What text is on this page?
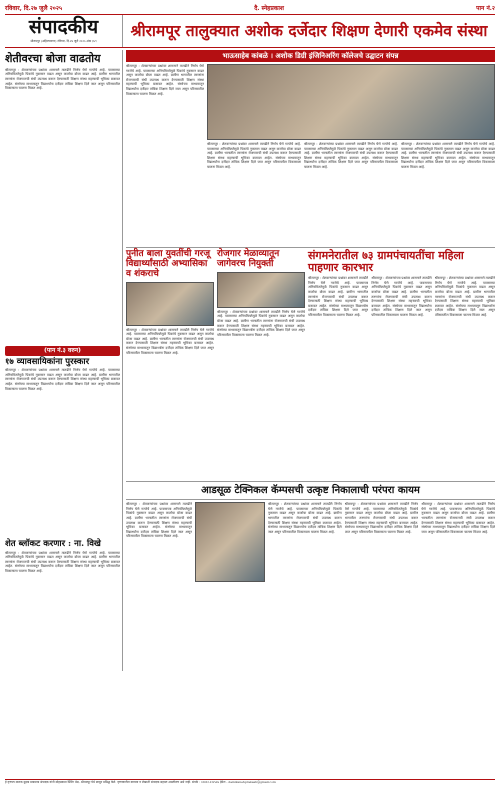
रविवार, दि.२७ जुलै २०२५	दै. स्नेहप्रकाश	पान नं.२
संपादकीय
श्रीरामपूर (अहिल्यानगर) रविवार, दि.२७ जुलै २०२५ अंक ३५९
श्रीरामपूर तालुक्यात अशोक दर्जेदार शिक्षण देणारी एकमेव संस्था
शेतीवरचा बोजा वाढतोय
श्रीरामपूर : शेतकऱ्यांच्या प्रश्नांवर शासनाने तातडीने निर्णय घेणे गरजेचे आहे. पावसाच्या अनियमिततेमुळे पिकांचे नुकसान वाढत असून कर्जाचा बोजा वाढत आहे. ग्रामीण भागातील तरुणांना रोजगाराची संधी उपलब्ध करून देण्यासाठी शिक्षण संस्था महत्त्वाची भूमिका बजावत आहेत. संस्थेच्या माध्यमातून विद्यार्थ्यांना दर्जेदार तांत्रिक शिक्षण दिले जात असून परिसरातील विकासाला चालना मिळत आहे.
(पान नं.३ वरुन)
१७ व्यावसायिकांना पुरस्कार
श्रीरामपूर : शेतकऱ्यांच्या प्रश्नांवर शासनाने तातडीने निर्णय घेणे गरजेचे आहे. पावसाच्या अनियमिततेमुळे पिकांचे नुकसान वाढत असून कर्जाचा बोजा वाढत आहे. ग्रामीण भागातील तरुणांना रोजगाराची संधी उपलब्ध करून देण्यासाठी शिक्षण संस्था महत्त्वाची भूमिका बजावत आहेत. संस्थेच्या माध्यमातून विद्यार्थ्यांना दर्जेदार तांत्रिक शिक्षण दिले जात असून परिसरातील विकासाला चालना मिळत आहे.
शेत ब्लॉकट करणार : ना. विखे
श्रीरामपूर : शेतकऱ्यांच्या प्रश्नांवर शासनाने तातडीने निर्णय घेणे गरजेचे आहे. पावसाच्या अनियमिततेमुळे पिकांचे नुकसान वाढत असून कर्जाचा बोजा वाढत आहे. ग्रामीण भागातील तरुणांना रोजगाराची संधी उपलब्ध करून देण्यासाठी शिक्षण संस्था महत्त्वाची भूमिका बजावत आहेत. संस्थेच्या माध्यमातून विद्यार्थ्यांना दर्जेदार तांत्रिक शिक्षण दिले जात असून परिसरातील विकासाला चालना मिळत आहे.
भाऊसाहेब कांबळे । अशोक डिग्री इंजिनिअरिंग कॉलेजचे उद्घाटन संपन्न
श्रीरामपूर : शेतकऱ्यांच्या प्रश्नांवर शासनाने तातडीने निर्णय घेणे गरजेचे आहे. पावसाच्या अनियमिततेमुळे पिकांचे नुकसान वाढत असून कर्जाचा बोजा वाढत आहे. ग्रामीण भागातील तरुणांना रोजगाराची संधी उपलब्ध करून देण्यासाठी शिक्षण संस्था महत्त्वाची भूमिका बजावत आहेत. संस्थेच्या माध्यमातून विद्यार्थ्यांना दर्जेदार तांत्रिक शिक्षण दिले जात असून परिसरातील विकासाला चालना मिळत आहे.
श्रीरामपूर : शेतकऱ्यांच्या प्रश्नांवर शासनाने तातडीने निर्णय घेणे गरजेचे आहे. पावसाच्या अनियमिततेमुळे पिकांचे नुकसान वाढत असून कर्जाचा बोजा वाढत आहे. ग्रामीण भागातील तरुणांना रोजगाराची संधी उपलब्ध करून देण्यासाठी शिक्षण संस्था महत्त्वाची भूमिका बजावत आहेत. संस्थेच्या माध्यमातून विद्यार्थ्यांना दर्जेदार तांत्रिक शिक्षण दिले जात असून परिसरातील विकासाला चालना मिळत आहे.
श्रीरामपूर : शेतकऱ्यांच्या प्रश्नांवर शासनाने तातडीने निर्णय घेणे गरजेचे आहे. पावसाच्या अनियमिततेमुळे पिकांचे नुकसान वाढत असून कर्जाचा बोजा वाढत आहे. ग्रामीण भागातील तरुणांना रोजगाराची संधी उपलब्ध करून देण्यासाठी शिक्षण संस्था महत्त्वाची भूमिका बजावत आहेत. संस्थेच्या माध्यमातून विद्यार्थ्यांना दर्जेदार तांत्रिक शिक्षण दिले जात असून परिसरातील विकासाला चालना मिळत आहे.
श्रीरामपूर : शेतकऱ्यांच्या प्रश्नांवर शासनाने तातडीने निर्णय घेणे गरजेचे आहे. पावसाच्या अनियमिततेमुळे पिकांचे नुकसान वाढत असून कर्जाचा बोजा वाढत आहे. ग्रामीण भागातील तरुणांना रोजगाराची संधी उपलब्ध करून देण्यासाठी शिक्षण संस्था महत्त्वाची भूमिका बजावत आहेत. संस्थेच्या माध्यमातून विद्यार्थ्यांना दर्जेदार तांत्रिक शिक्षण दिले जात असून परिसरातील विकासाला चालना मिळत आहे.
पुनीत बाला युवतींची गरजू विद्यार्थ्यांसाठी अभ्यासिका व शंकराचे
श्रीरामपूर : शेतकऱ्यांच्या प्रश्नांवर शासनाने तातडीने निर्णय घेणे गरजेचे आहे. पावसाच्या अनियमिततेमुळे पिकांचे नुकसान वाढत असून कर्जाचा बोजा वाढत आहे. ग्रामीण भागातील तरुणांना रोजगाराची संधी उपलब्ध करून देण्यासाठी शिक्षण संस्था महत्त्वाची भूमिका बजावत आहेत. संस्थेच्या माध्यमातून विद्यार्थ्यांना दर्जेदार तांत्रिक शिक्षण दिले जात असून परिसरातील विकासाला चालना मिळत आहे.
रोजगार मेळाव्यातून जागेवरच नियुक्ती
श्रीरामपूर : शेतकऱ्यांच्या प्रश्नांवर शासनाने तातडीने निर्णय घेणे गरजेचे आहे. पावसाच्या अनियमिततेमुळे पिकांचे नुकसान वाढत असून कर्जाचा बोजा वाढत आहे. ग्रामीण भागातील तरुणांना रोजगाराची संधी उपलब्ध करून देण्यासाठी शिक्षण संस्था महत्त्वाची भूमिका बजावत आहेत. संस्थेच्या माध्यमातून विद्यार्थ्यांना दर्जेदार तांत्रिक शिक्षण दिले जात असून परिसरातील विकासाला चालना मिळत आहे.
संगमनेरातील ७३ ग्रामपंचायतींचा महिला पाहणार कारभार
श्रीरामपूर : शेतकऱ्यांच्या प्रश्नांवर शासनाने तातडीने निर्णय घेणे गरजेचे आहे. पावसाच्या अनियमिततेमुळे पिकांचे नुकसान वाढत असून कर्जाचा बोजा वाढत आहे. ग्रामीण भागातील तरुणांना रोजगाराची संधी उपलब्ध करून देण्यासाठी शिक्षण संस्था महत्त्वाची भूमिका बजावत आहेत. संस्थेच्या माध्यमातून विद्यार्थ्यांना दर्जेदार तांत्रिक शिक्षण दिले जात असून परिसरातील विकासाला चालना मिळत आहे.
श्रीरामपूर : शेतकऱ्यांच्या प्रश्नांवर शासनाने तातडीने निर्णय घेणे गरजेचे आहे. पावसाच्या अनियमिततेमुळे पिकांचे नुकसान वाढत असून कर्जाचा बोजा वाढत आहे. ग्रामीण भागातील तरुणांना रोजगाराची संधी उपलब्ध करून देण्यासाठी शिक्षण संस्था महत्त्वाची भूमिका बजावत आहेत. संस्थेच्या माध्यमातून विद्यार्थ्यांना दर्जेदार तांत्रिक शिक्षण दिले जात असून परिसरातील विकासाला चालना मिळत आहे.
श्रीरामपूर : शेतकऱ्यांच्या प्रश्नांवर शासनाने तातडीने निर्णय घेणे गरजेचे आहे. पावसाच्या अनियमिततेमुळे पिकांचे नुकसान वाढत असून कर्जाचा बोजा वाढत आहे. ग्रामीण भागातील तरुणांना रोजगाराची संधी उपलब्ध करून देण्यासाठी शिक्षण संस्था महत्त्वाची भूमिका बजावत आहेत. संस्थेच्या माध्यमातून विद्यार्थ्यांना दर्जेदार तांत्रिक शिक्षण दिले जात असून परिसरातील विकासाला चालना मिळत आहे.
आडसूळ टेक्निकल कॅम्पसची उत्कृष्ट निकालाची परंपरा कायम
श्रीरामपूर : शेतकऱ्यांच्या प्रश्नांवर शासनाने तातडीने निर्णय घेणे गरजेचे आहे. पावसाच्या अनियमिततेमुळे पिकांचे नुकसान वाढत असून कर्जाचा बोजा वाढत आहे. ग्रामीण भागातील तरुणांना रोजगाराची संधी उपलब्ध करून देण्यासाठी शिक्षण संस्था महत्त्वाची भूमिका बजावत आहेत. संस्थेच्या माध्यमातून विद्यार्थ्यांना दर्जेदार तांत्रिक शिक्षण दिले जात असून परिसरातील विकासाला चालना मिळत आहे.
श्रीरामपूर : शेतकऱ्यांच्या प्रश्नांवर शासनाने तातडीने निर्णय घेणे गरजेचे आहे. पावसाच्या अनियमिततेमुळे पिकांचे नुकसान वाढत असून कर्जाचा बोजा वाढत आहे. ग्रामीण भागातील तरुणांना रोजगाराची संधी उपलब्ध करून देण्यासाठी शिक्षण संस्था महत्त्वाची भूमिका बजावत आहेत. संस्थेच्या माध्यमातून विद्यार्थ्यांना दर्जेदार तांत्रिक शिक्षण दिले जात असून परिसरातील विकासाला चालना मिळत आहे.
श्रीरामपूर : शेतकऱ्यांच्या प्रश्नांवर शासनाने तातडीने निर्णय घेणे गरजेचे आहे. पावसाच्या अनियमिततेमुळे पिकांचे नुकसान वाढत असून कर्जाचा बोजा वाढत आहे. ग्रामीण भागातील तरुणांना रोजगाराची संधी उपलब्ध करून देण्यासाठी शिक्षण संस्था महत्त्वाची भूमिका बजावत आहेत. संस्थेच्या माध्यमातून विद्यार्थ्यांना दर्जेदार तांत्रिक शिक्षण दिले जात असून परिसरातील विकासाला चालना मिळत आहे.
श्रीरामपूर : शेतकऱ्यांच्या प्रश्नांवर शासनाने तातडीने निर्णय घेणे गरजेचे आहे. पावसाच्या अनियमिततेमुळे पिकांचे नुकसान वाढत असून कर्जाचा बोजा वाढत आहे. ग्रामीण भागातील तरुणांना रोजगाराची संधी उपलब्ध करून देण्यासाठी शिक्षण संस्था महत्त्वाची भूमिका बजावत आहेत. संस्थेच्या माध्यमातून विद्यार्थ्यांना दर्जेदार तांत्रिक शिक्षण दिले जात असून परिसरातील विकासाला चालना मिळत आहे.
हे वृत्तपत्र मालक मुद्रक प्रकाशक संपादक यांनी स्नेहप्रकाश प्रिंटिंग प्रेस, श्रीरामपूर येथे छापून प्रसिद्ध केले. वृत्तपत्रातील बातम्या व लेखाशी संपादक सहमत असतीलच असे नाही. संपर्क : ०२४२२-२२२५७५ ईमेल - dainiksnehprakash@gmail.com
